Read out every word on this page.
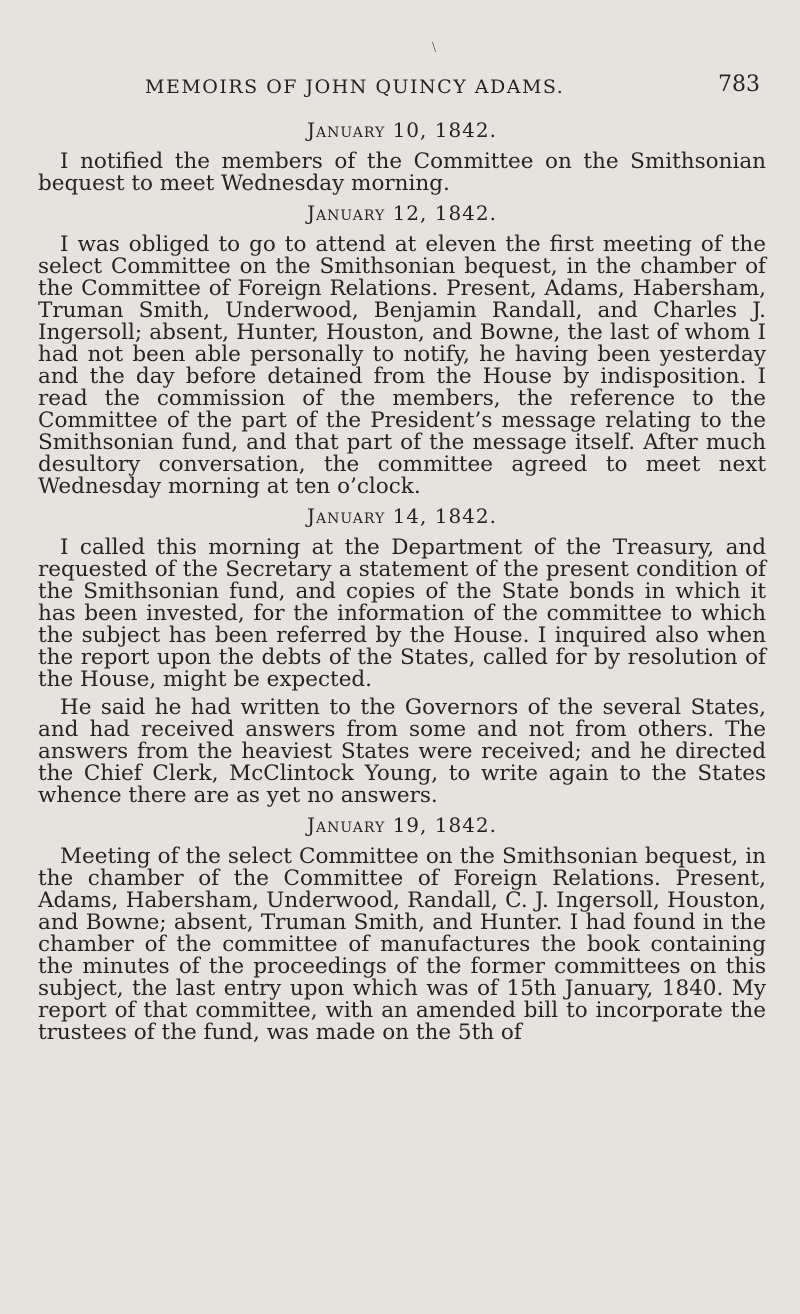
\
MEMOIRS OF JOHN QUINCY ADAMS.	783
January 10, 1842.

I notified the members of the Committee on the Smithsonian bequest to meet Wednesday morning.

January 12, 1842.

I was obliged to go to attend at eleven the first meeting of the select Committee on the Smithsonian bequest, in the chamber of the Committee of Foreign Relations. Present, Adams, Habersham, Truman Smith, Underwood, Benjamin Randall, and Charles J. Ingersoll; absent, Hunter, Houston, and Bowne, the last of whom I had not been able personally to notify, he having been yesterday and the day before detained from the House by indisposition. I read the commission of the members, the reference to the Committee of the part of the President’s message relating to the Smithsonian fund, and that part of the message itself. After much desultory conversation, the committee agreed to meet next Wednesday morning at ten o’clock.

January 14, 1842.

I called this morning at the Department of the Treasury, and requested of the Secretary a statement of the present condition of the Smithsonian fund, and copies of the State bonds in which it has been invested, for the information of the committee to which the subject has been referred by the House. I inquired also when the report upon the debts of the States, called for by resolution of the House, might be expected.

He said he had written to the Governors of the several States, and had received answers from some and not from others. The answers from the heaviest States were received; and he directed the Chief Clerk, McClintock Young, to write again to the States whence there are as yet no answers.

January 19, 1842.

Meeting of the select Committee on the Smithsonian bequest, in the chamber of the Committee of Foreign Relations. Present, Adams, Habersham, Underwood, Randall, C. J. Ingersoll, Houston, and Bowne; absent, Truman Smith, and Hunter. I had found in the chamber of the committee of manufactures the book containing the minutes of the proceedings of the former committees on this subject, the last entry upon which was of 15th January, 1840. My report of that committee, with an amended bill to incorporate the trustees of the fund, was made on the 5th of
